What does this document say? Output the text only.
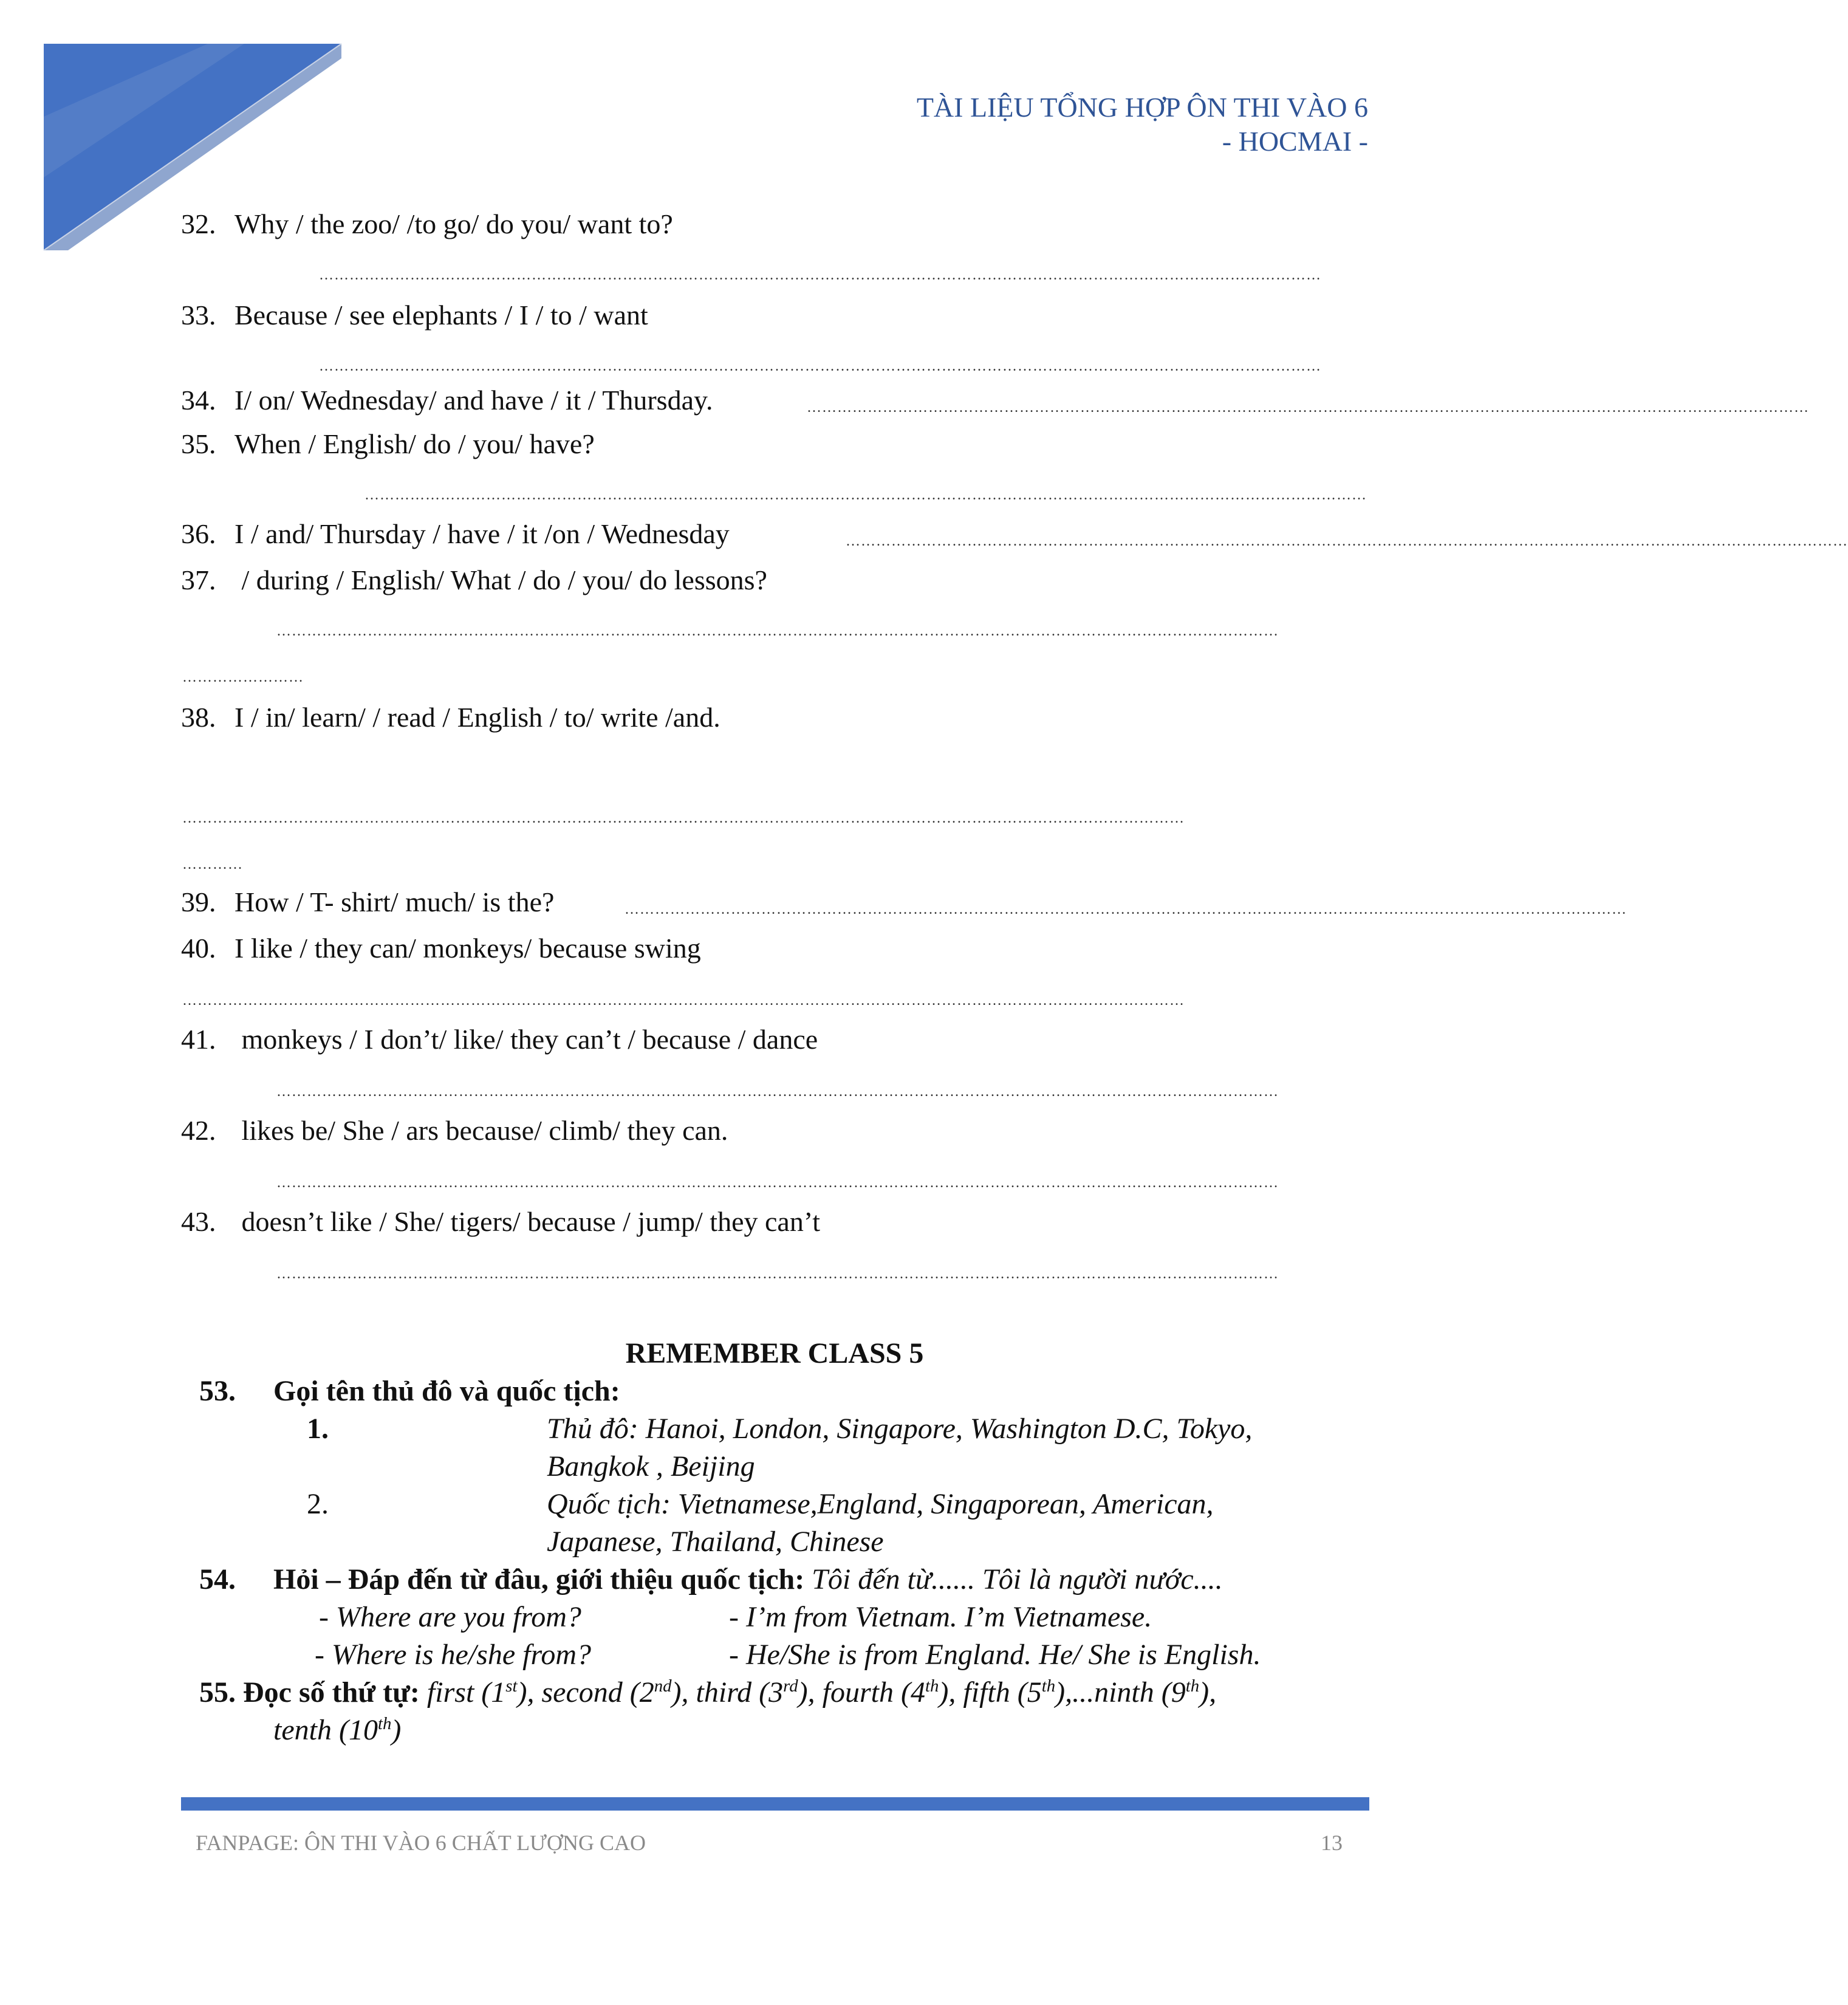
TÀI LIỆU TỔNG HỢP ÔN THI VÀO 6
- HOCMAI -
32. Why / the zoo/ /to go/ do you/ want to?
………………………………………………………………………………………………………………………………………………………………………………
33. Because / see elephants / I / to / want
………………………………………………………………………………………………………………………………………………………………………………
34. I/ on/ Wednesday/ and have / it / Thursday.	………………………………………………………………………………………………………………………………………………………………………………
35. When / English/ do / you/ have?
………………………………………………………………………………………………………………………………………………………………………………
36. I / and/ Thursday / have / it /on / Wednesday	………………………………………………………………………………………………………………………………………………………………………………
37. / during / English/ What / do / you/ do lessons?
………………………………………………………………………………………………………………………………………………………………………………
……………………
38. I / in/ learn/ / read / English / to/ write /and.
………………………………………………………………………………………………………………………………………………………………………………
…………
39. How / T- shirt/ much/ is the?	………………………………………………………………………………………………………………………………………………………………………………
40. I like / they can/ monkeys/ because swing
………………………………………………………………………………………………………………………………………………………………………………
41. monkeys / I don’t/ like/ they can’t / because / dance
………………………………………………………………………………………………………………………………………………………………………………
42. likes be/ She / ars because/ climb/ they can.
………………………………………………………………………………………………………………………………………………………………………………
43. doesn’t like / She/ tigers/ because / jump/ they can’t
………………………………………………………………………………………………………………………………………………………………………………
REMEMBER CLASS 5
53. Gọi tên thủ đô và quốc tịch:
1.	Thủ đô: Hanoi, London, Singapore, Washington D.C, Tokyo,
Bangkok , Beijing
2.	Quốc tịch: Vietnamese,England, Singaporean, American,
Japanese, Thailand, Chinese
54. Hỏi – Đáp đến từ đâu, giới thiệu quốc tịch: Tôi đến từ...... Tôi là người nước....
- Where are you from?	- I’m from Vietnam. I’m Vietnamese.
- Where is he/she from?	- He/She is from England. He/ She is English.
55. Đọc số thứ tự: first (1st), second (2nd), third (3rd), fourth (4th), fifth (5th),...ninth (9th),
tenth (10th)
FANPAGE: ÔN THI VÀO 6 CHẤT LƯỢNG CAO	13
